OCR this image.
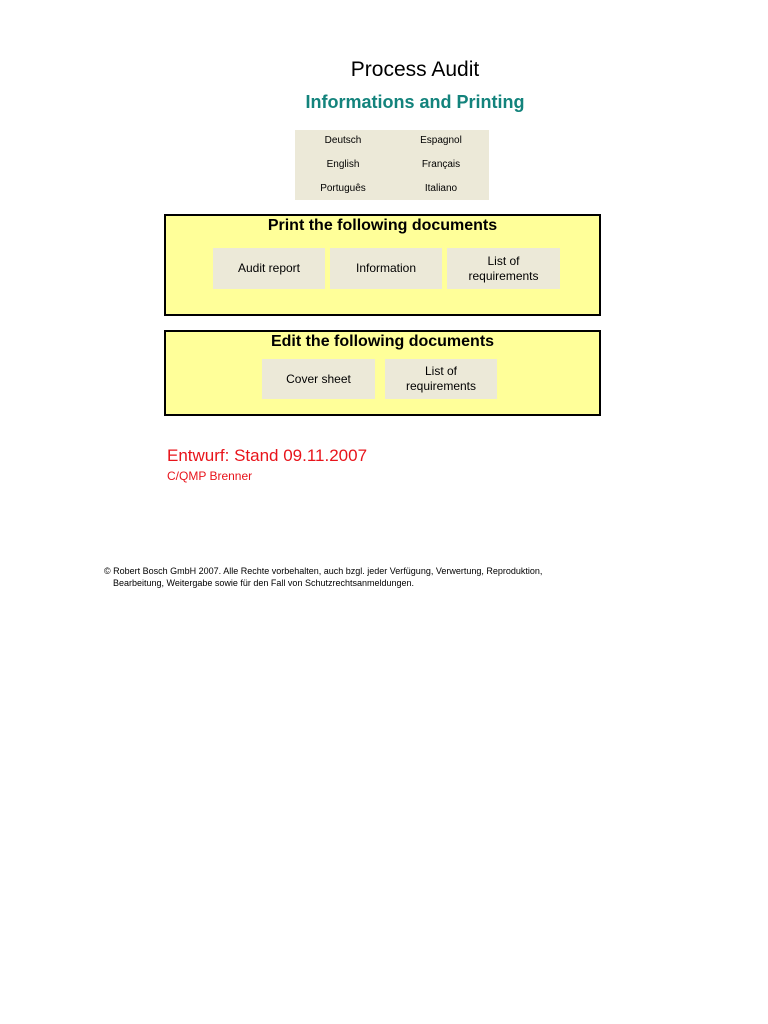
Process Audit
Informations and Printing
Deutsch	Espagnol
English	Français
Português	Italiano
Print the following documents
Audit report	Information
List of requirements
Edit the following documents
Cover sheet
List of requirements
Entwurf: Stand 09.11.2007
C/QMP Brenner
© Robert Bosch GmbH 2007. Alle Rechte vorbehalten, auch bzgl. jeder Verfügung, Verwertung, Reproduktion,
Bearbeitung, Weitergabe sowie für den Fall von Schutzrechtsanmeldungen.
